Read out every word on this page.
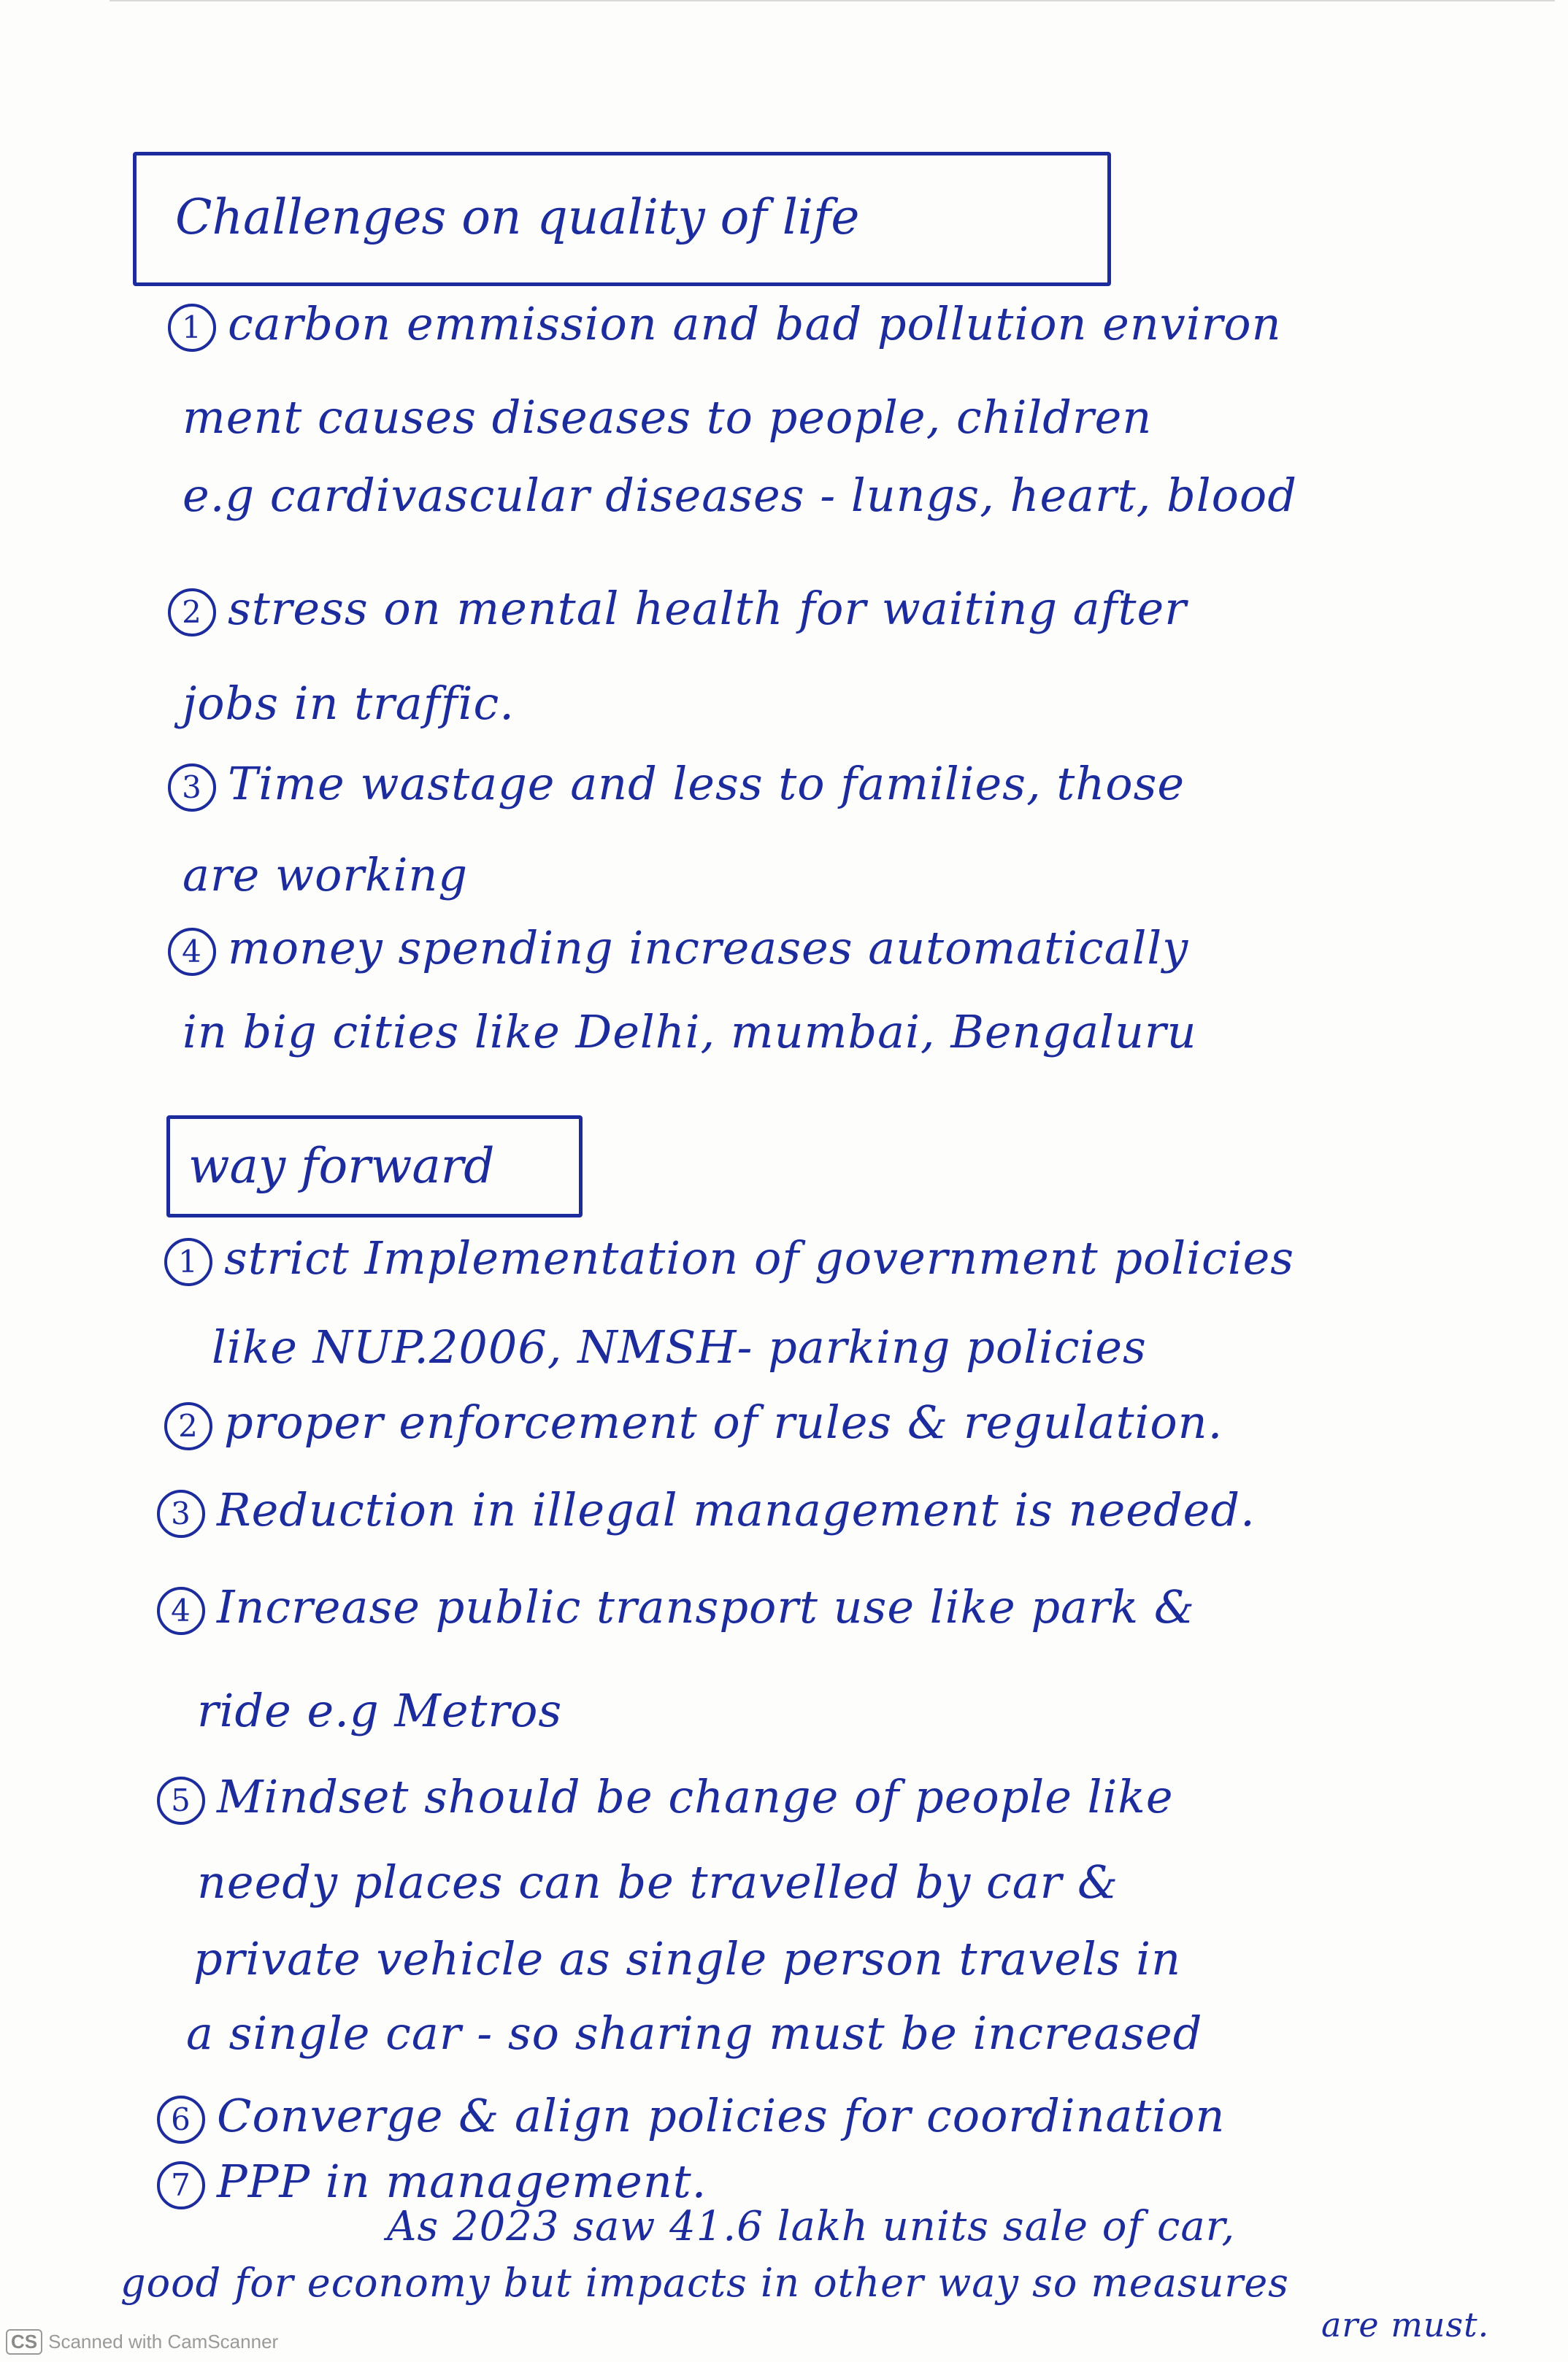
Challenges on quality of life
1 carbon emmission and bad pollution environ
ment causes diseases to people, children
e.g cardivascular diseases - lungs, heart, blood
2 stress on mental health for waiting after
jobs in traffic.
3 Time wastage and less to families, those
are working
4 money spending increases automatically
in big cities like Delhi, mumbai, Bengaluru
way forward
1 strict Implementation of government policies
like NUP.2006, NMSH- parking policies
2 proper enforcement of rules & regulation.
3 Reduction in illegal management is needed.
4 Increase public transport use like park &
ride e.g Metros
5 Mindset should be change of people like
needy places can be travelled by car &
private vehicle as single person travels in
a single car - so sharing must be increased
6 Converge & align policies for coordination
7 PPP in management.
As 2023 saw 41.6 lakh units sale of car,
good for economy but impacts in other way so measures
are must.
CS Scanned with CamScanner
